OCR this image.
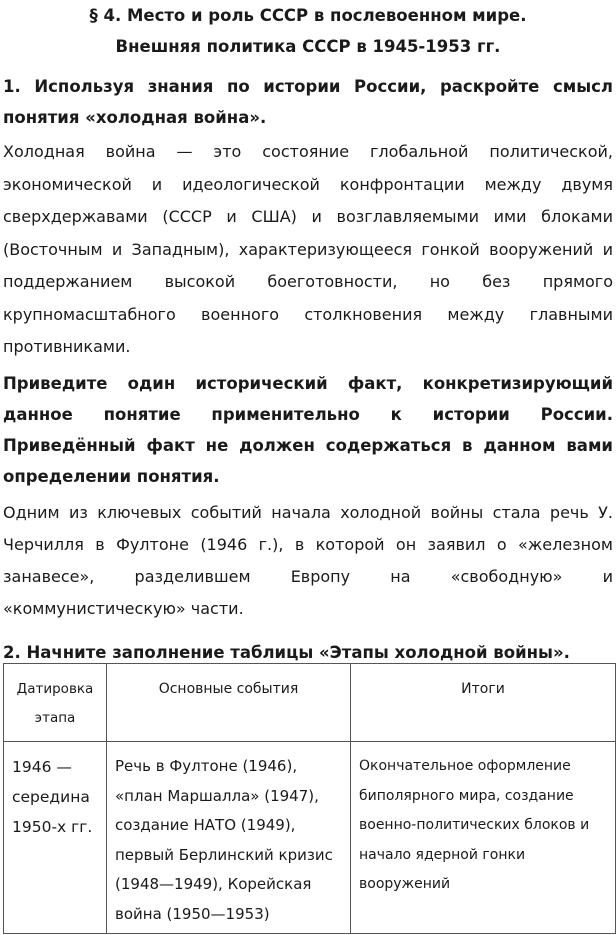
§ 4. Место и роль СССР в послевоенном мире.

Внешняя политика СССР в 1945-1953 гг.

1. Используя знания по истории России, раскройте смысл понятия «холодная война».

Холодная война — это состояние глобальной политической, экономической и идеологической конфронтации между двумя сверхдержавами (СССР и США) и возглавляемыми ими блоками (Восточным и Западным), характеризующееся гонкой вооружений и поддержанием высокой боеготовности, но без прямого крупномасштабного военного столкновения между главными противниками.

Приведите один исторический факт, конкретизирующий данное понятие применительно к истории России. Приведённый факт не должен содержаться в данном вами определении понятия.

Одним из ключевых событий начала холодной войны стала речь У. Черчилля в Фултоне (1946 г.), в которой он заявил о «железном занавесе», разделившем Европу на «свободную» и «коммунистическую» части.

2. Начните заполнение таблицы «Этапы холодной войны».

Датировка этапа	Основные события	Итоги
1946 — середина 1950-х гг.	Речь в Фултоне (1946), «план Маршалла» (1947), создание НАТО (1949), первый Берлинский кризис (1948—1949), Корейская война (1950—1953)	Окончательное оформление биполярного мира, создание военно-политических блоков и начало ядерной гонки вооружений
